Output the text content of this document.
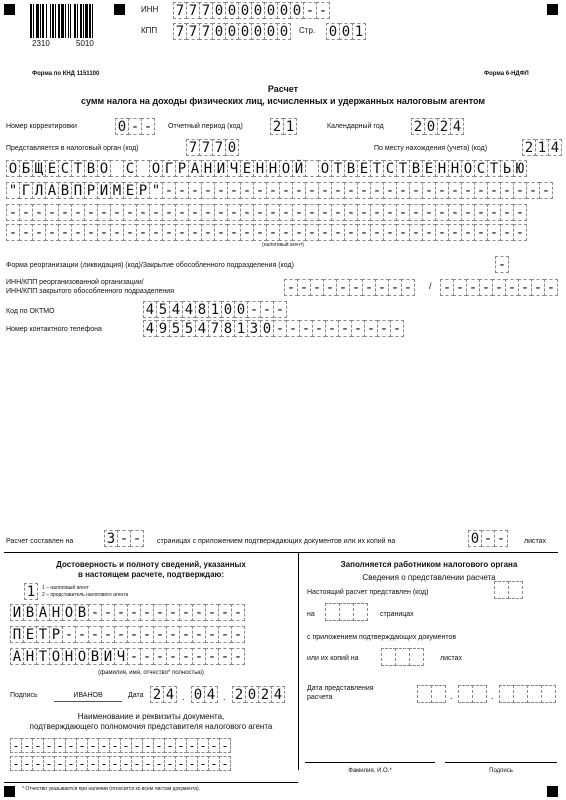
2310	5010
ИНН 7 7 7 0 0 0 0 0 0 0 - -
КПП 7 7 7 0 0 0 0 0 0	Стр. 0 0 1
Форма по КНД 1151100	Форма 6-НДФЛ
Расчет
сумм налога на доходы физических лиц, исчисленных и удержанных налоговым агентом
Номер корректировки	0 - -	Отчетный период (код) 2 1	Календарный год 2 0 2 4
Представляется в налоговый орган (код)	7 7 7 0	По месту нахождения (учета) (код)	2 1 4
О Б Щ Е С Т В О С О Г Р А Н И Ч Е Н Н О Й О Т В Е Т С Т В Е Н Н О С Т Ь Ю
" Г Л А В П Р И М Е Р " - - - - - - - - - - - - - - - - - - - - - - - - - - - - - -
- - - - - - - - - - - - - - - - - - - - - - - - - - - - - - - - - - - - - - - -
- - - - - - - - - - - - - - - - - - - - - - - - - - - - - - - - - - - - - - - -
(налоговый агент)
Форма реорганизации (ликвидация) (код)/Закрытие обособленного подразделения (код)	-
ИНН/КПП реорганизованной организации/
ИНН/КПП закрытого обособленного подразделения	- - - - - - - - - -	/ - - - - - - - - -
Код по ОКТМО	4 5 4 4 8 1 0 0 - - -
Номер контактного телефона	4 9 5 5 4 7 8 1 3 0 - - - - - - - - - -
Расчет составлен на 3 - -	страницах с приложением подтверждающих документов или их копий на	0 - -	листах
Достоверность и полноту сведений, указанных
в настоящем расчете, подтверждаю:
1	1 – налоговый агент
2 – представитель налогового агента
И В А Н О В - - - - - - - - - - - -
П Е Т Р - - - - - - - - - - - - - -
А Н Т О Н О В И Ч - - - - - - - - -
(фамилия, имя, отчество* полностью)
Подпись	ИВАНОВ	Дата 2 4 . 0 4 . 2 0 2 4
Наименование и реквизиты документа,
подтверждающего полномочия представителя налогового агента
- - - - - - - - - - - - - - - - - - - -
- - - - - - - - - - - - - - - - - - - -
* Отчество указывается при наличии (относится ко всем листам документа).
Заполняется работником налогового органа
Сведения о представлении расчета
Настоящий расчет представлен (код)
на	страницах
с приложением подтверждающих документов
или их копий на	листах
Дата представления
расчета	.	.
Фамилия, И.О.*	Подпись
